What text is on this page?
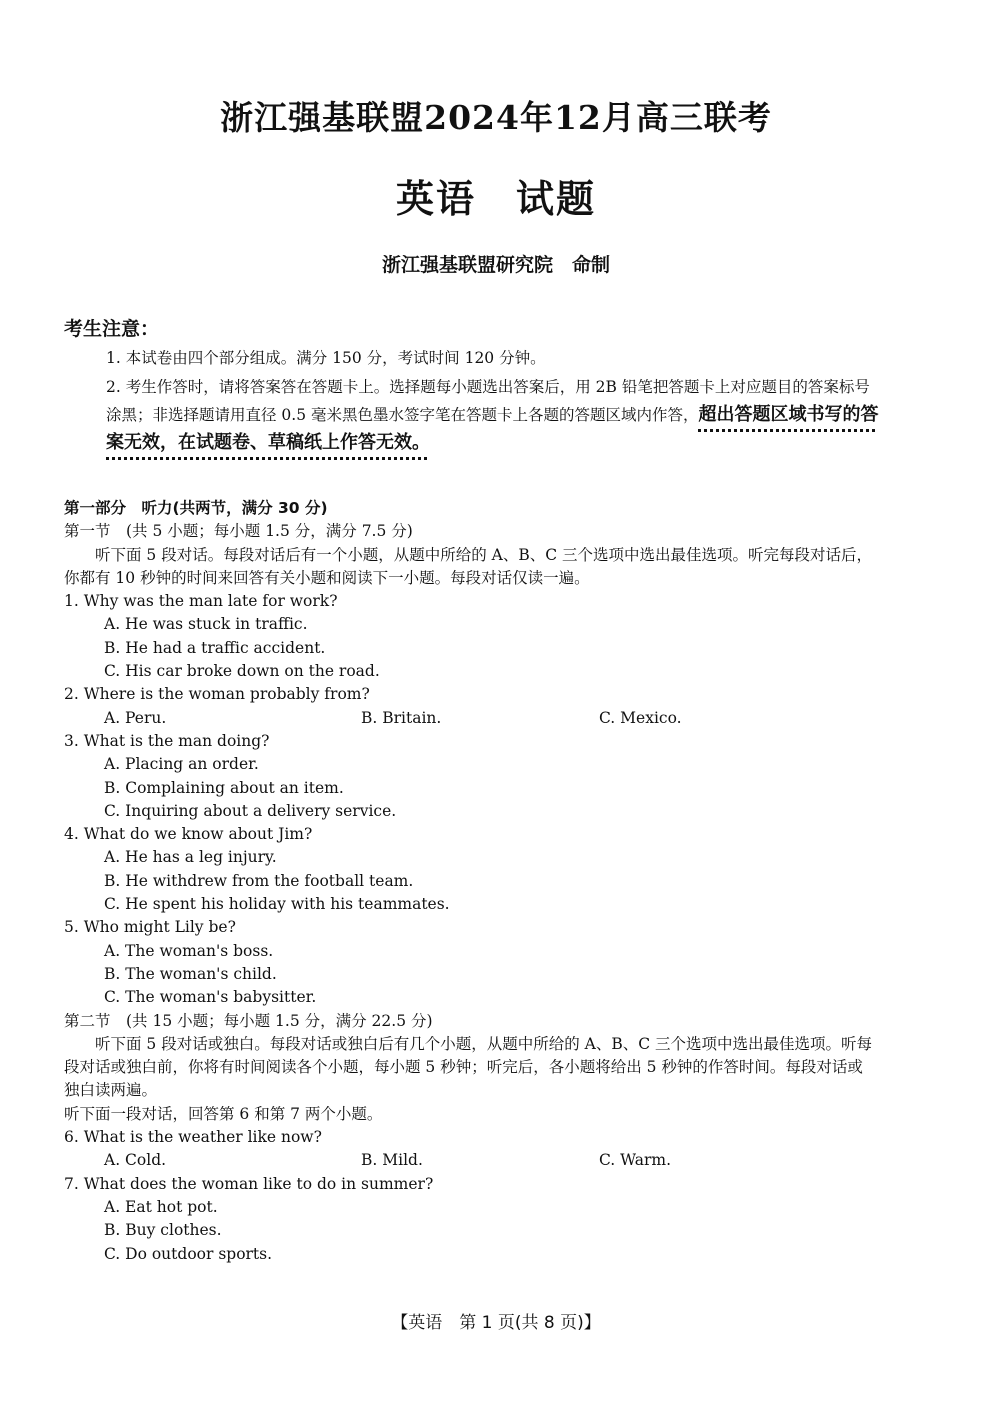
浙江强基联盟2024年12月高三联考
英语　试题
浙江强基联盟研究院　命制
考生注意：
1. 本试卷由四个部分组成。满分 150 分，考试时间 120 分钟。
2. 考生作答时，请将答案答在答题卡上。选择题每小题选出答案后，用 2B 铅笔把答题卡上对应题目的答案标号涂黑；非选择题请用直径 0.5 毫米黑色墨水签字笔在答题卡上各题的答题区域内作答，超出答题区域书写的答案无效，在试题卷、草稿纸上作答无效。
第一部分　听力(共两节，满分 30 分)
第一节　(共 5 小题；每小题 1.5 分，满分 7.5 分)
听下面 5 段对话。每段对话后有一个小题，从题中所给的 A、B、C 三个选项中选出最佳选项。听完每段对话后，你都有 10 秒钟的时间来回答有关小题和阅读下一小题。每段对话仅读一遍。
1. Why was the man late for work?
A. He was stuck in traffic.
B. He had a traffic accident.
C. His car broke down on the road.
2. Where is the woman probably from?
A. Peru.	B. Britain.	C. Mexico.
3. What is the man doing?
A. Placing an order.
B. Complaining about an item.
C. Inquiring about a delivery service.
4. What do we know about Jim?
A. He has a leg injury.
B. He withdrew from the football team.
C. He spent his holiday with his teammates.
5. Who might Lily be?
A. The woman's boss.
B. The woman's child.
C. The woman's babysitter.
第二节　(共 15 小题；每小题 1.5 分，满分 22.5 分)
听下面 5 段对话或独白。每段对话或独白后有几个小题，从题中所给的 A、B、C 三个选项中选出最佳选项。听每段对话或独白前，你将有时间阅读各个小题，每小题 5 秒钟；听完后，各小题将给出 5 秒钟的作答时间。每段对话或独白读两遍。
听下面一段对话，回答第 6 和第 7 两个小题。
6. What is the weather like now?
A. Cold.	B. Mild.	C. Warm.
7. What does the woman like to do in summer?
A. Eat hot pot.
B. Buy clothes.
C. Do outdoor sports.
【英语　第 1 页(共 8 页)】
